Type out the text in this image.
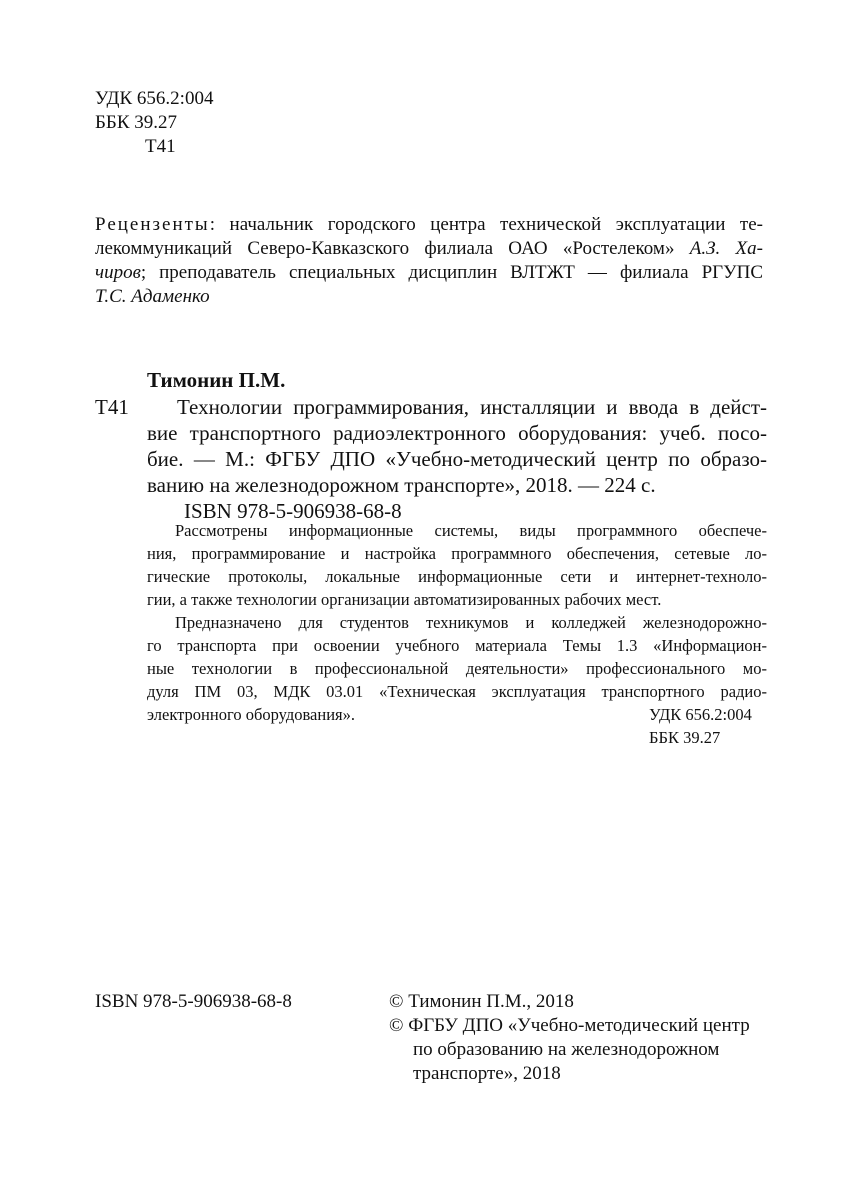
УДК 656.2:004
ББК 39.27
Т41
Рецензенты: начальник городского центра технической эксплуатации те-
лекоммуникаций Северо-Кавказского филиала ОАО «Ростелеком» А.З. Ха-
чиров; преподаватель специальных дисциплин ВЛТЖТ — филиала РГУПС
Т.С. Адаменко
Тимонин П.М.
Т41	Технологии программирования, инсталляции и ввода в дейст-
вие транспортного радиоэлектронного оборудования: учеб. посо-
бие. — М.: ФГБУ ДПО «Учебно-методический центр по образо-
ванию на железнодорожном транспорте», 2018. — 224 с.
ISBN 978-5-906938-68-8
Рассмотрены информационные системы, виды программного обеспече-
ния, программирование и настройка программного обеспечения, сетевые ло-
гические протоколы, локальные информационные сети и интернет-техноло-
гии, а также технологии организации автоматизированных рабочих мест.
Предназначено для студентов техникумов и колледжей железнодорожно-
го транспорта при освоении учебного материала Темы 1.3 «Информацион-
ные технологии в профессиональной деятельности» профессионального мо-
дуля ПМ 03, МДК 03.01 «Техническая эксплуатация транспортного радио-
электронного оборудования».	УДК 656.2:004
ББК 39.27
ISBN 978-5-906938-68-8	© Тимонин П.М., 2018
© ФГБУ ДПО «Учебно-методический центр
по образованию на железнодорожном
транспорте», 2018
